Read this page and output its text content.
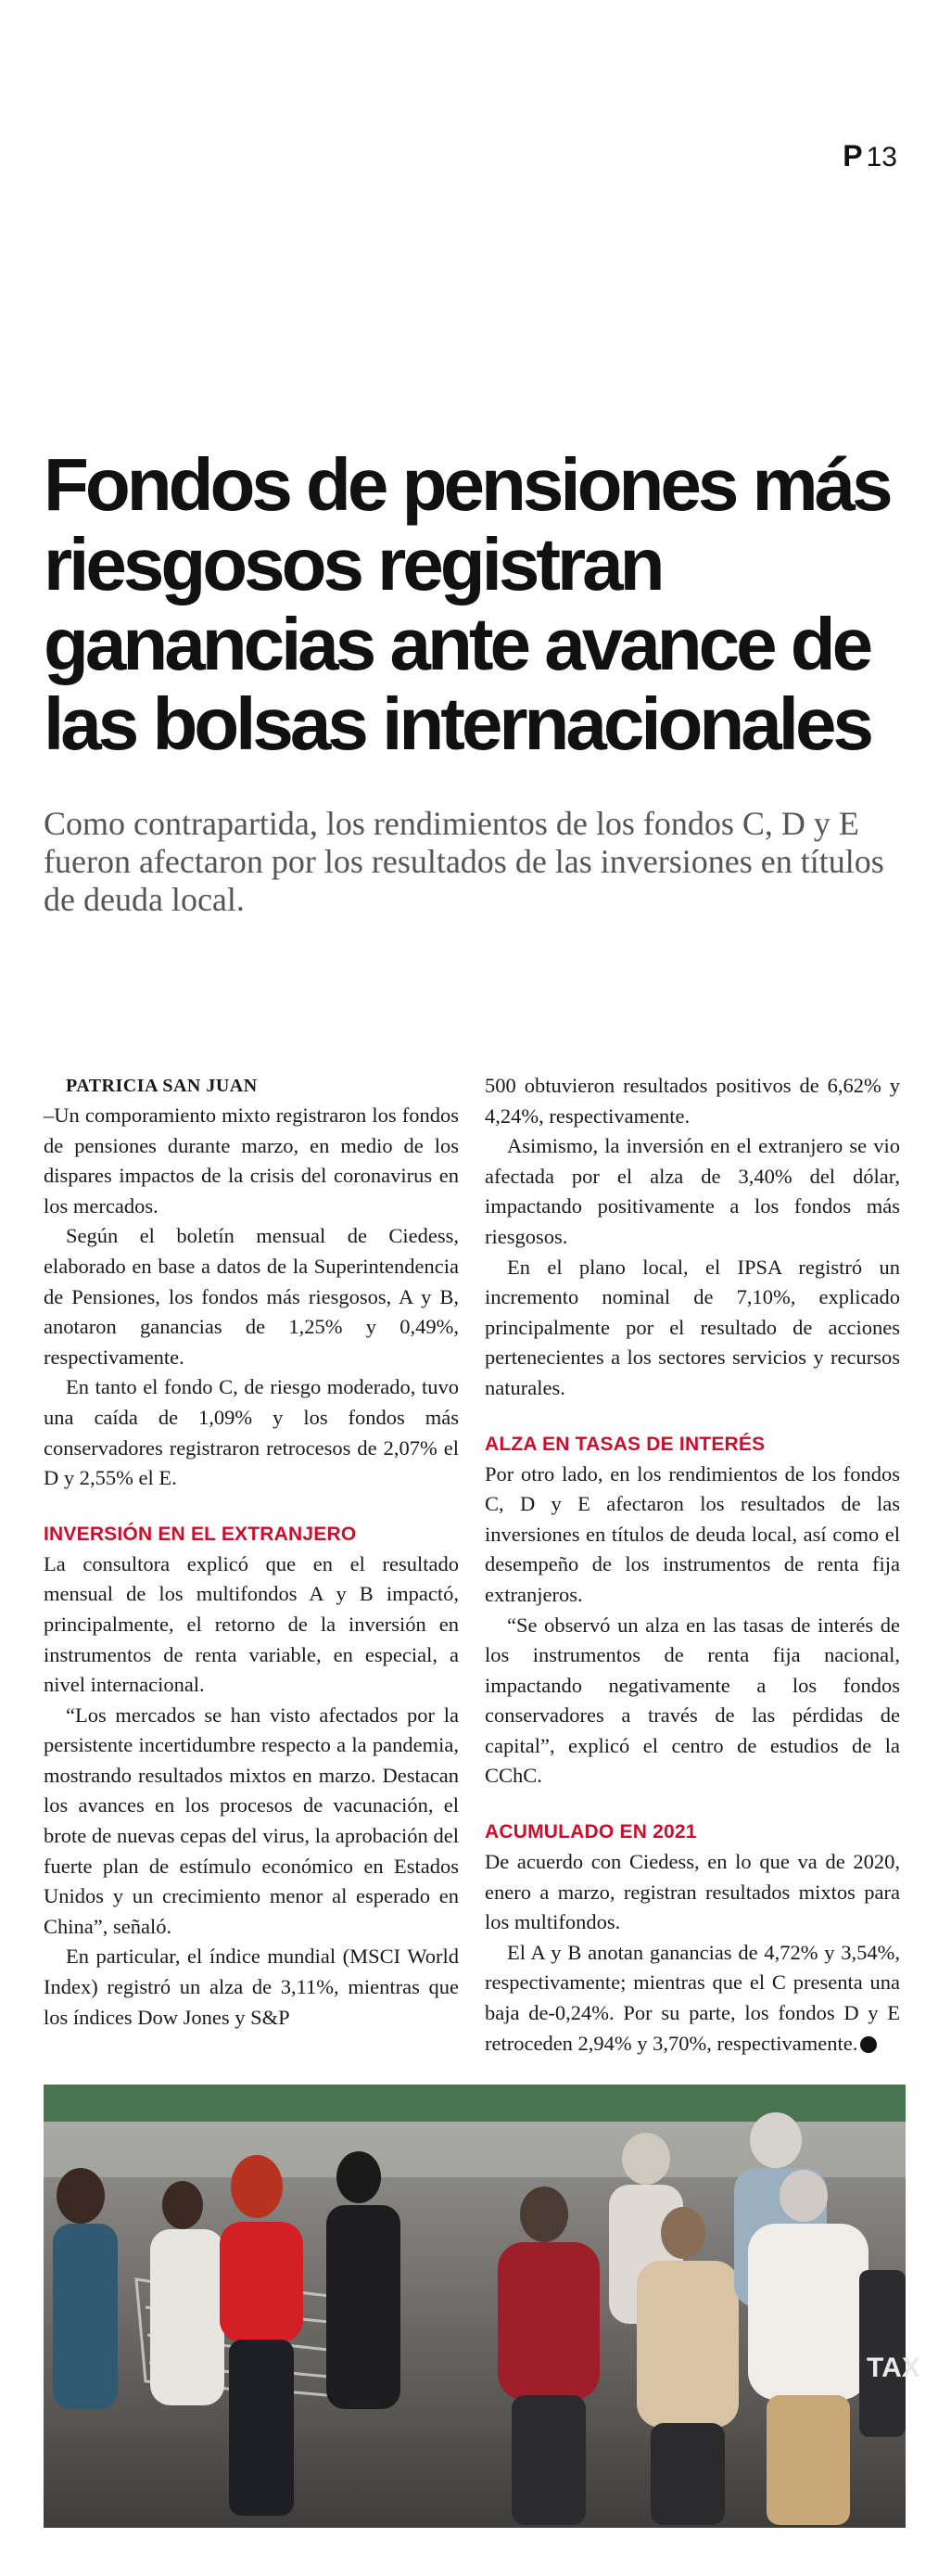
P 13
Fondos de pensiones más riesgosos registran ganancias ante avance de las bolsas internacionales

Como contrapartida, los rendimientos de los fondos C, D y E fueron afectaron por los resultados de las inversiones en títulos de deuda local.

PATRICIA SAN JUAN

–Un comporamiento mixto registraron los fondos de pensiones durante marzo, en medio de los dispares impactos de la crisis del coronavirus en los mercados.

Según el boletín mensual de Ciedess, elaborado en base a datos de la Superintendencia de Pensiones, los fondos más riesgosos, A y B, anotaron ganancias de 1,25% y 0,49%, respectivamente.

En tanto el fondo C, de riesgo moderado, tuvo una caída de 1,09% y los fondos más conservadores registraron retrocesos de 2,07% el D y 2,55% el E.

INVERSIÓN EN EL EXTRANJERO

La consultora explicó que en el resultado mensual de los multifondos A y B impactó, principalmente, el retorno de la inversión en instrumentos de renta variable, en especial, a nivel internacional.

“Los mercados se han visto afectados por la persistente incertidumbre respecto a la pandemia, mostrando resultados mixtos en marzo. Destacan los avances en los procesos de vacunación, el brote de nuevas cepas del virus, la aprobación del fuerte plan de estímulo económico en Estados Unidos y un crecimiento menor al esperado en China”, señaló.

En particular, el índice mundial (MSCI World Index) registró un alza de 3,11%, mientras que los índices Dow Jones y S&P

500 obtuvieron resultados positivos de 6,62% y 4,24%, respectivamente.

Asimismo, la inversión en el extranjero se vio afectada por el alza de 3,40% del dólar, impactando positivamente a los fondos más riesgosos.

En el plano local, el IPSA registró un incremento nominal de 7,10%, explicado principalmente por el resultado de acciones pertenecientes a los sectores servicios y recursos naturales.

ALZA EN TASAS DE INTERÉS

Por otro lado, en los rendimientos de los fondos C, D y E afectaron los resultados de las inversiones en títulos de deuda local, así como el desempeño de los instrumentos de renta fija extranjeros.

“Se observó un alza en las tasas de interés de los instrumentos de renta fija nacional, impactando negativamente a los fondos conservadores a través de las pérdidas de capital”, explicó el centro de estudios de la CChC.

ACUMULADO EN 2021

De acuerdo con Ciedess, en lo que va de 2020, enero a marzo, registran resultados mixtos para los multifondos.

El A y B anotan ganancias de 4,72% y 3,54%, respectivamente; mientras que el C presenta una baja de-0,24%. Por su parte, los fondos D y E retroceden 2,94% y 3,70%, respectivamente. P

TAX
